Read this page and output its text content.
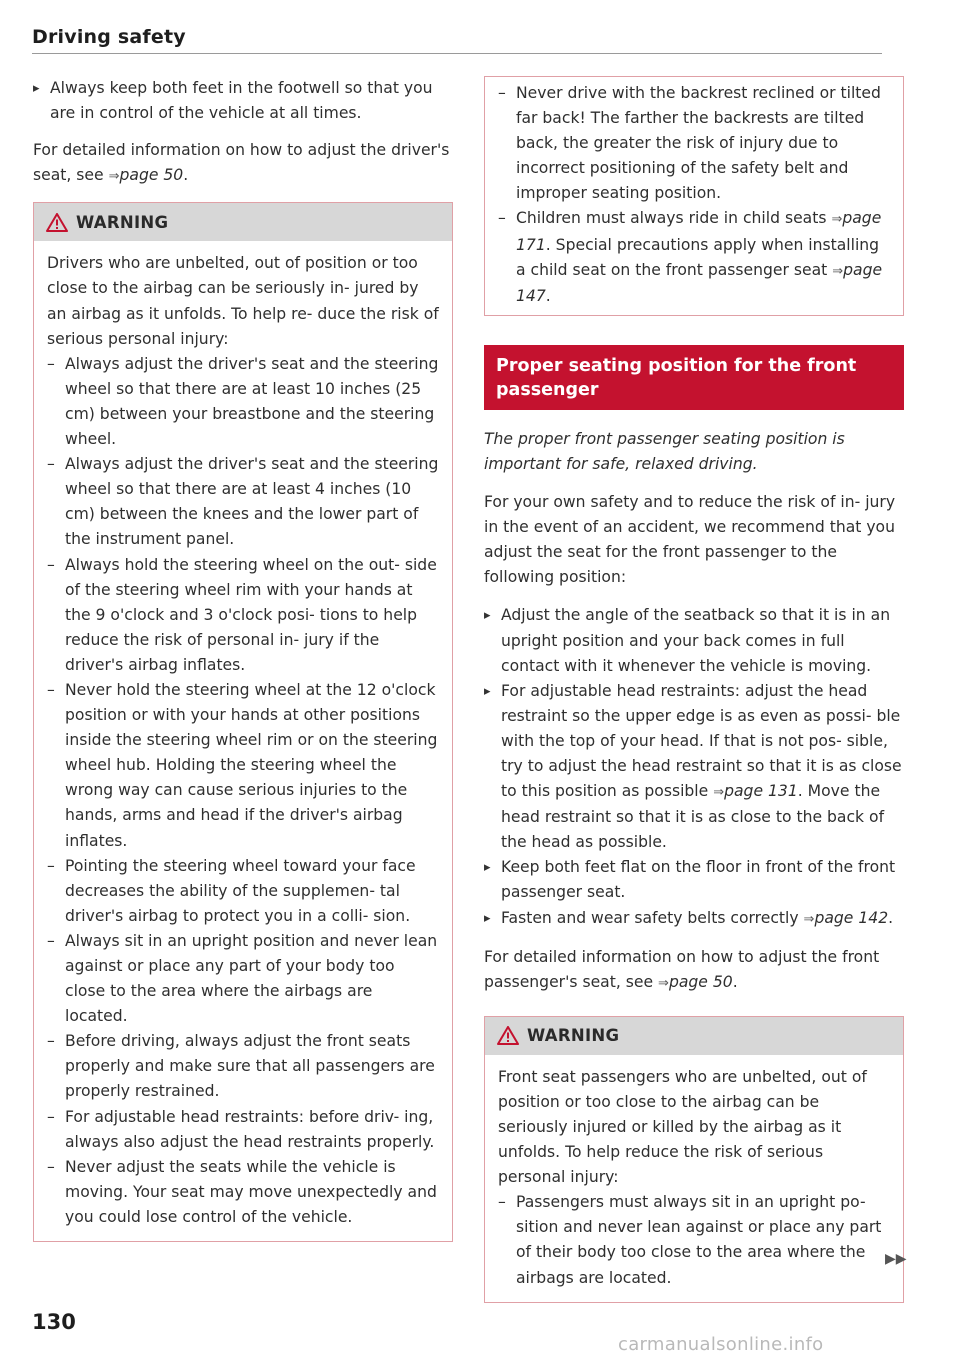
Driving safety

▸ Always keep both feet in the footwell so that you are in control of the vehicle at all times.

For detailed information on how to adjust the driver's seat, see ⇒page 50.

WARNING

Drivers who are unbelted, out of position or too close to the airbag can be seriously in- jured by an airbag as it unfolds. To help re- duce the risk of serious personal injury:

– Always adjust the driver's seat and the steering wheel so that there are at least 10 inches (25 cm) between your breastbone and the steering wheel.

– Always adjust the driver's seat and the steering wheel so that there are at least 4 inches (10 cm) between the knees and the lower part of the instrument panel.

– Always hold the steering wheel on the out- side of the steering wheel rim with your hands at the 9 o'clock and 3 o'clock posi- tions to help reduce the risk of personal in- jury if the driver's airbag inflates.

– Never hold the steering wheel at the 12 o'clock position or with your hands at other positions inside the steering wheel rim or on the steering wheel hub. Holding the steering wheel the wrong way can cause serious injuries to the hands, arms and head if the driver's airbag inflates.

– Pointing the steering wheel toward your face decreases the ability of the supplemen- tal driver's airbag to protect you in a colli- sion.

– Always sit in an upright position and never lean against or place any part of your body too close to the area where the airbags are located.

– Before driving, always adjust the front seats properly and make sure that all passengers are properly restrained.

– For adjustable head restraints: before driv- ing, always also adjust the head restraints properly.

– Never adjust the seats while the vehicle is moving. Your seat may move unexpectedly and you could lose control of the vehicle.

– Never drive with the backrest reclined or tilted far back! The farther the backrests are tilted back, the greater the risk of injury due to incorrect positioning of the safety belt and improper seating position.

– Children must always ride in child seats ⇒page 171. Special precautions apply when installing a child seat on the front passenger seat ⇒page 147.

Proper seating position for the front passenger

The proper front passenger seating position is important for safe, relaxed driving.

For your own safety and to reduce the risk of in- jury in the event of an accident, we recommend that you adjust the seat for the front passenger to the following position:

▸ Adjust the angle of the seatback so that it is in an upright position and your back comes in full contact with it whenever the vehicle is moving.

▸ For adjustable head restraints: adjust the head restraint so the upper edge is as even as possi- ble with the top of your head. If that is not pos- sible, try to adjust the head restraint so that it is as close to this position as possible ⇒page 131. Move the head restraint so that it is as close to the back of the head as possible.

▸ Keep both feet flat on the floor in front of the front passenger seat.

▸ Fasten and wear safety belts correctly ⇒page 142.

For detailed information on how to adjust the front passenger's seat, see ⇒page 50.

WARNING

Front seat passengers who are unbelted, out of position or too close to the airbag can be seriously injured or killed by the airbag as it unfolds. To help reduce the risk of serious personal injury:

– Passengers must always sit in an upright po- sition and never lean against or place any part of their body too close to the area where the airbags are located.

▶▶
130
carmanualsonline.info
